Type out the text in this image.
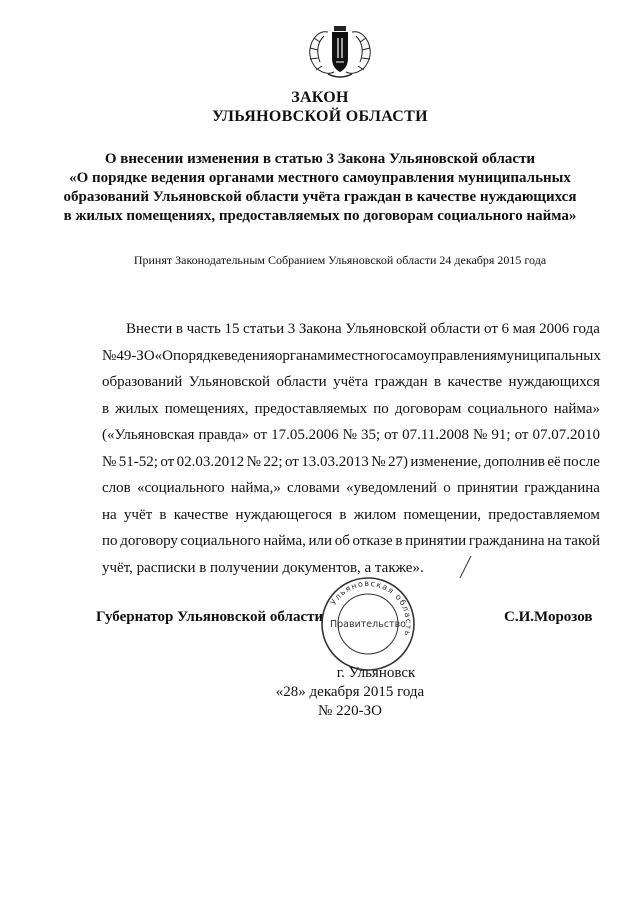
ЗАКОН
УЛЬЯНОВСКОЙ ОБЛАСТИ
О внесении изменения в статью 3 Закона Ульяновской области
«О порядке ведения органами местного самоуправления муниципальных
образований Ульяновской области учёта граждан в качестве нуждающихся
в жилых помещениях, предоставляемых по договорам социального найма»
Принят Законодательным Собранием Ульяновской области 24 декабря 2015 года
Внести в часть 15 статьи 3 Закона Ульяновской области от 6 мая 2006 года
№ 49-ЗО «О порядке ведения органами местного самоуправления муниципальных
образований Ульяновской области учёта граждан в качестве нуждающихся
в жилых помещениях, предоставляемых по договорам социального найма»
(«Ульяновская правда» от 17.05.2006 № 35; от 07.11.2008 № 91; от 07.07.2010
№ 51-52; от 02.03.2012 № 22; от 13.03.2013 № 27) изменение, дополнив её после
слов «социального найма,» словами «уведомлений о принятии гражданина
на учёт в качестве нуждающегося в жилом помещении, предоставляемом
по договору социального найма, или об отказе в принятии гражданина на такой
учёт, расписки в получении документов, а также».
Губернатор Ульяновской области	С.И.Морозов
Ульяновская область
Правительство
г. Ульяновск
«28» декабря 2015 года
№ 220-ЗО
